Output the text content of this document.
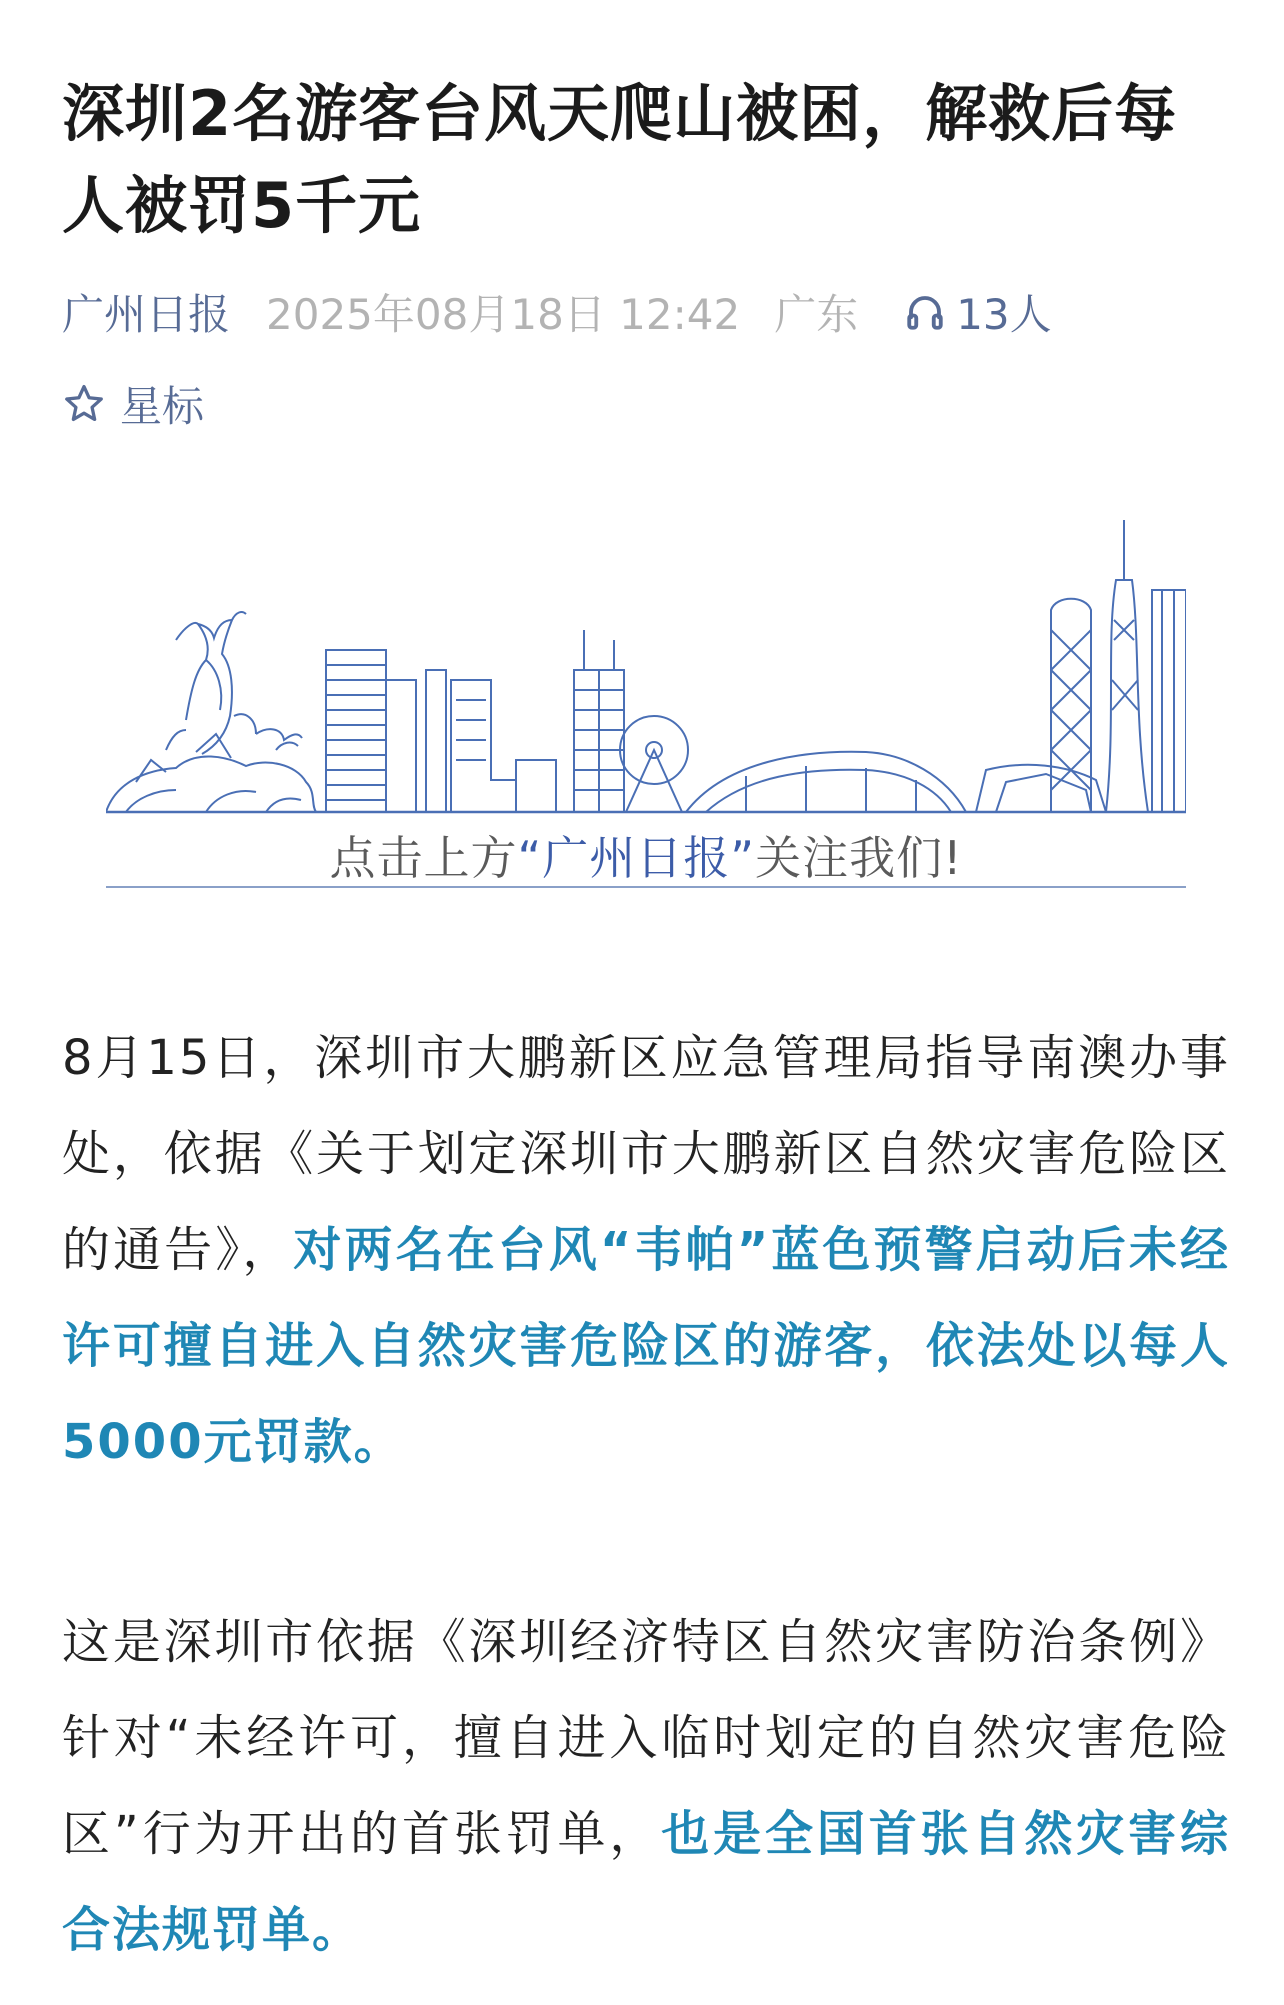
深圳2名游客台风天爬山被困，解救后每人被罚5千元
广州日报 2025年08月18日 12:42 广东 13人
星标
点击上方“广州日报”关注我们!

8月15日，深圳市大鹏新区应急管理局指导南澳办事处，依据《关于划定深圳市大鹏新区自然灾害危险区的通告》，对两名在台风“韦帕”蓝色预警启动后未经许可擅自进入自然灾害危险区的游客，依法处以每人5000元罚款。

这是深圳市依据《深圳经济特区自然灾害防治条例》针对“未经许可，擅自进入临时划定的自然灾害危险区”行为开出的首张罚单，也是全国首张自然灾害综合法规罚单。
